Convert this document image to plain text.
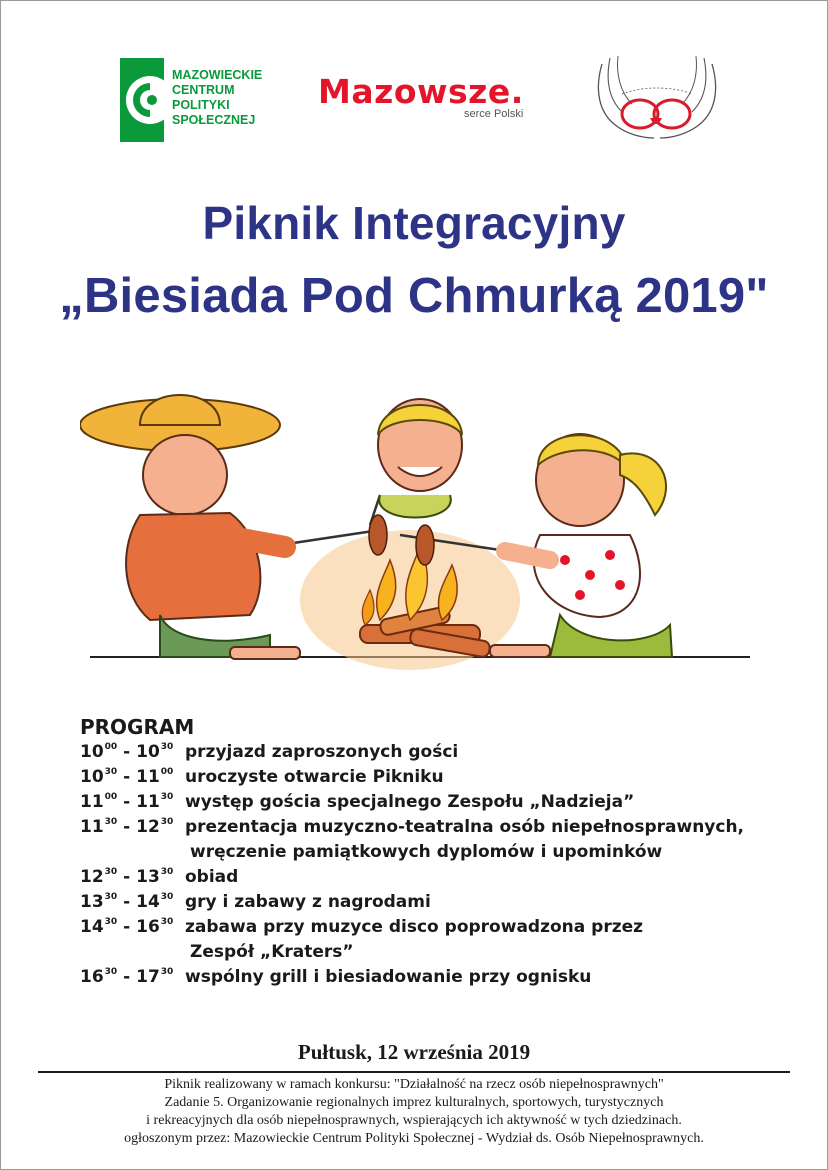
MAZOWIECKIE
CENTRUM
POLITYKI
SPOŁECZNEJ
Mazowsze.
serce Polski
Piknik Integracyjny
„Biesiada Pod Chmurką 2019"
PROGRAM
$10^{00} - 10^{30}$ przyjazd zaproszonych gości
$10^{30} - 11^{00}$ uroczyste otwarcie Pikniku
$11^{00} - 11^{30}$ występ gościa specjalnego Zespołu „Nadzieja”
$11^{30} - 12^{30}$ prezentacja muzyczno-teatralna osób niepełnosprawnych,
wręczenie pamiątkowych dyplomów i upominków
$12^{30} - 13^{30}$ obiad
$13^{30} - 14^{30}$ gry i zabawy z nagrodami
$14^{30} - 16^{30}$ zabawa przy muzyce disco poprowadzona przez
Zespół „Kraters”
$16^{30} - 17^{30}$ wspólny grill i biesiadowanie przy ognisku
Pułtusk, 12 września 2019
Piknik realizowany w ramach konkursu: "Działalność na rzecz osób niepełnosprawnych"
Zadanie 5. Organizowanie regionalnych imprez kulturalnych, sportowych, turystycznych
i rekreacyjnych dla osób niepełnosprawnych, wspierających ich aktywność w tych dziedzinach.
ogłoszonym przez: Mazowieckie Centrum Polityki Społecznej - Wydział ds. Osób Niepełnosprawnych.
